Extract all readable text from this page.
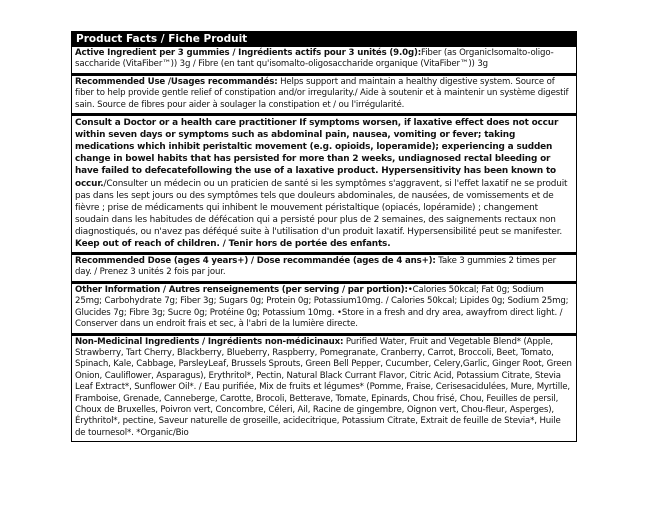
Product Facts / Fiche Produit
Active Ingredient per 3 gummies / Ingrédients actifs pour 3 unités (9.0g):Fiber (as OrganicIsomalto-oligo-saccharide (VitaFiber™)) 3g / Fibre (en tant qu'isomalto-oligosaccharide organique (VitaFiber™)) 3g
Recommended Use /Usages recommandés: Helps support and maintain a healthy digestive system. Source of fiber to help provide gentle relief of constipation and/or irregularity./ Aide à soutenir et à maintenir un système digestif sain. Source de fibres pour aider à soulager la constipation et / ou l'irrégularité.
Consult a Doctor or a health care practitioner If symptoms worsen, if laxative effect does not occur within seven days or symptoms such as abdominal pain, nausea, vomiting or fever; taking medications which inhibit peristaltic movement (e.g. opioids, loperamide); experiencing a sudden change in bowel habits that has persisted for more than 2 weeks, undiagnosed rectal bleeding or have failed to defecatefollowing the use of a laxative product. Hypersensitivity has been known to occur./Consulter un médecin ou un praticien de santé si les symptômes s'aggravent, si l'effet laxatif ne se produit pas dans les sept jours ou des symptômes tels que douleurs abdominales, de nausées, de vomissements et de fièvre ; prise de médicaments qui inhibent le mouvement péristaltique (opiacés, lopéramide) ; changement soudain dans les habitudes de défécation qui a persisté pour plus de 2 semaines, des saignements rectaux non diagnostiqués, ou n'avez pas déféqué suite à l'utilisation d'un produit laxatif. Hypersensibilité peut se manifester. Keep out of reach of children. / Tenir hors de portée des enfants.
Recommended Dose (ages 4 years+) / Dose recommandée (ages de 4 ans+): Take 3 gummies 2 times per day. / Prenez 3 unités 2 fois par jour.
Other Information / Autres renseignements (per serving / par portion):•Calories 50kcal; Fat 0g; Sodium 25mg; Carbohydrate 7g; Fiber 3g; Sugars 0g; Protein 0g; Potassium10mg. / Calories 50kcal; Lipides 0g; Sodium 25mg; Glucides 7g; Fibre 3g; Sucre 0g; Protéine 0g; Potassium 10mg. •Store in a fresh and dry area, awayfrom direct light. / Conserver dans un endroit frais et sec, à l'abri de la lumière directe.
Non-Medicinal Ingredients / Ingrédients non-médicinaux: Purified Water, Fruit and Vegetable Blend* (Apple, Strawberry, Tart Cherry, Blackberry, Blueberry, Raspberry, Pomegranate, Cranberry, Carrot, Broccoli, Beet, Tomato, Spinach, Kale, Cabbage, ParsleyLeaf, Brussels Sprouts, Green Bell Pepper, Cucumber, Celery,Garlic, Ginger Root, Green Onion, Cauliflower, Asparagus), Erythritol*, Pectin, Natural Black Currant Flavor, Citric Acid, Potassium Citrate, Stevia Leaf Extract*, Sunflower Oil*. / Eau purifiée, Mix de fruits et légumes* (Pomme, Fraise, Cerisesacidulées, Mure, Myrtille, Framboise, Grenade, Canneberge, Carotte, Brocoli, Betterave, Tomate, Epinards, Chou frisé, Chou, Feuilles de persil, Choux de Bruxelles, Poivron vert, Concombre, Céleri, Ail, Racine de gingembre, Oignon vert, Chou-fleur, Asperges), Érythritol*, pectine, Saveur naturelle de groseille, acidecitrique, Potassium Citrate, Extrait de feuille de Stevia*, Huile de tournesol*. *Organic/Bio
